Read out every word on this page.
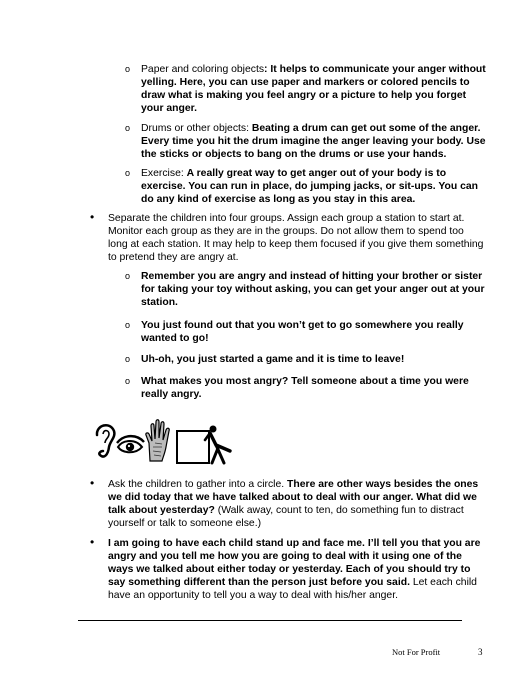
o Paper and coloring objects: It helps to communicate your anger without yelling. Here, you can use paper and markers or colored pencils to draw what is making you feel angry or a picture to help you forget your anger.
o Drums or other objects: Beating a drum can get out some of the anger. Every time you hit the drum imagine the anger leaving your body. Use the sticks or objects to bang on the drums or use your hands.
o Exercise: A really great way to get anger out of your body is to exercise. You can run in place, do jumping jacks, or sit-ups. You can do any kind of exercise as long as you stay in this area.
• Separate the children into four groups. Assign each group a station to start at. Monitor each group as they are in the groups. Do not allow them to spend too long at each station. It may help to keep them focused if you give them something to pretend they are angry at.
o Remember you are angry and instead of hitting your brother or sister for taking your toy without asking, you can get your anger out at your station.
o You just found out that you won’t get to go somewhere you really wanted to go!
o Uh-oh, you just started a game and it is time to leave!
o What makes you most angry? Tell someone about a time you were really angry.
• Ask the children to gather into a circle. There are other ways besides the ones we did today that we have talked about to deal with our anger. What did we talk about yesterday? (Walk away, count to ten, do something fun to distract yourself or talk to someone else.)
• I am going to have each child stand up and face me. I’ll tell you that you are angry and you tell me how you are going to deal with it using one of the ways we talked about either today or yesterday. Each of you should try to say something different than the person just before you said. Let each child have an opportunity to tell you a way to deal with his/her anger.
Not For Profit	3
